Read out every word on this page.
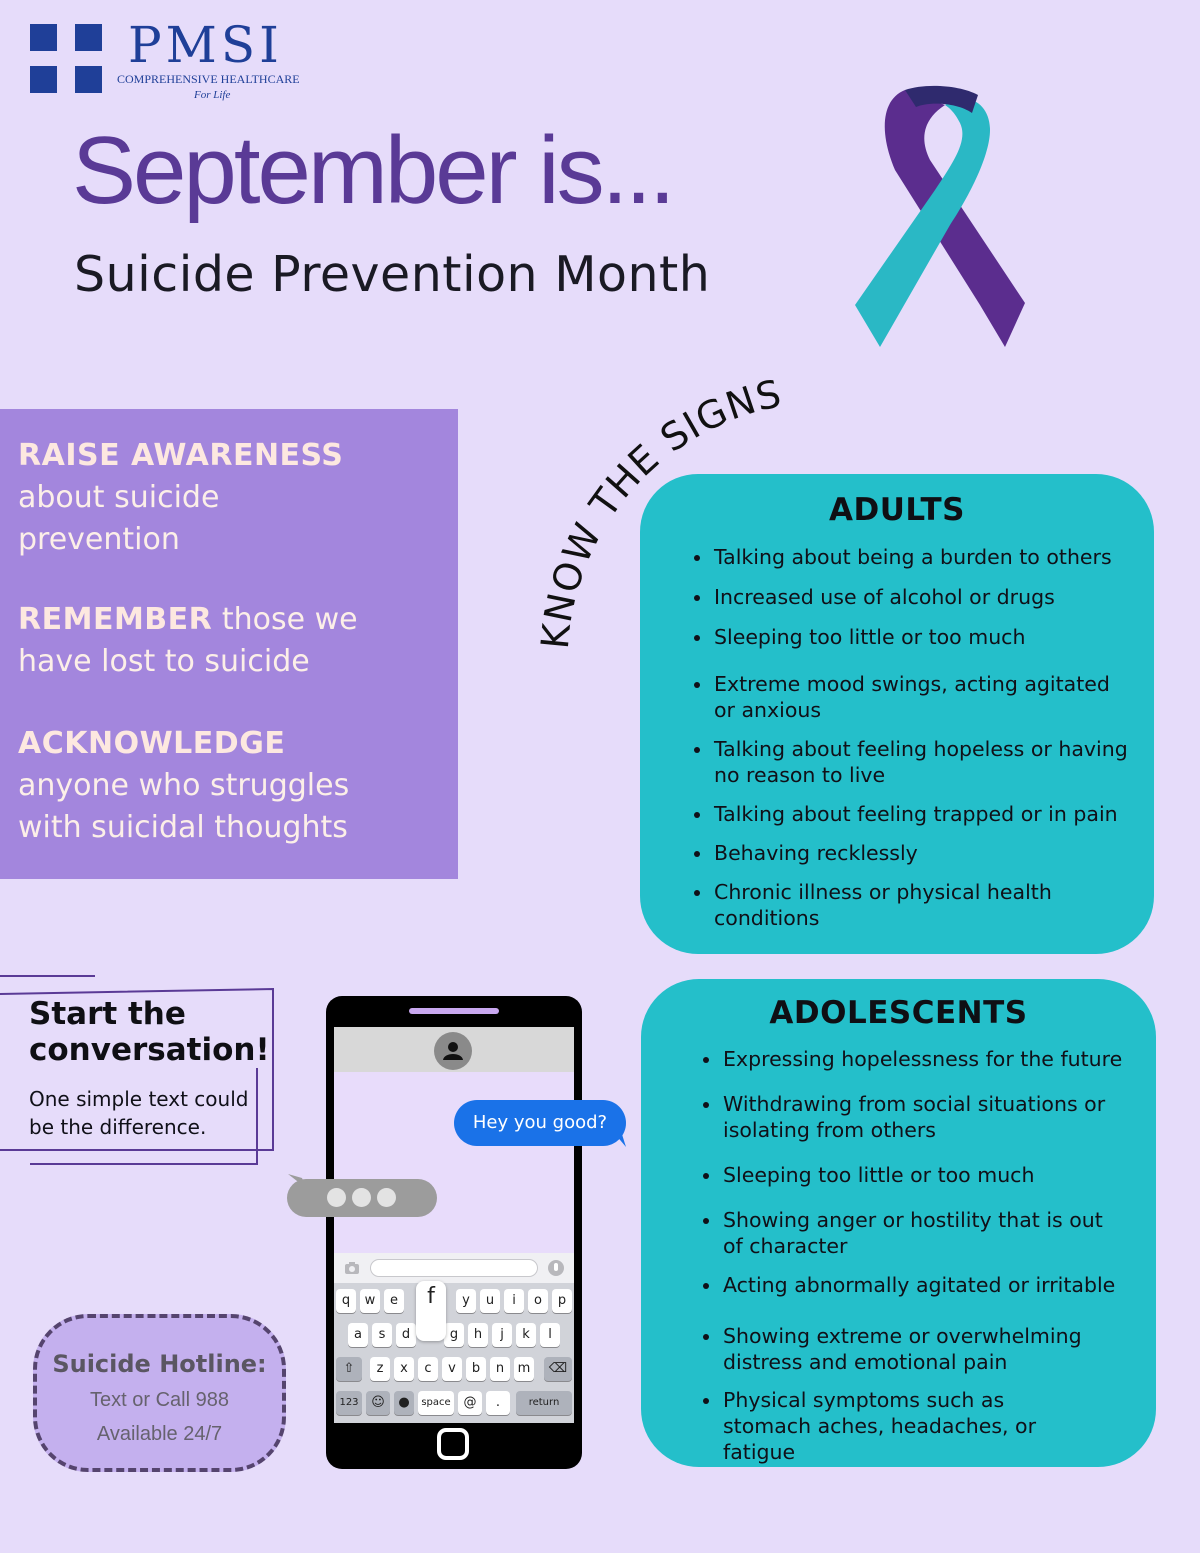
PMSI
COMPREHENSIVE HEALTHCARE
For Life
September is...
Suicide Prevention Month
RAISE AWARENESS
about suicide prevention
REMEMBER those we have lost to suicide
ACKNOWLEDGE
anyone who struggles with suicidal thoughts
KNOW THE SIGNS
ADULTS
Talking about being a burden to others
Increased use of alcohol or drugs
Sleeping too little or too much
Extreme mood swings, acting agitated or anxious
Talking about feeling hopeless or having no reason to live
Talking about feeling trapped or in pain
Behaving recklessly
Chronic illness or physical health conditions
ADOLESCENTS
Expressing hopelessness for the future
Withdrawing from social situations or isolating from others
Sleeping too little or too much
Showing anger or hostility that is out of character
Acting abnormally agitated or irritable
Showing extreme or overwhelming distress and emotional pain
Physical symptoms such as stomach aches, headaches, or fatigue
Start the conversation!
One simple text could be the difference.
Suicide Hotline:
Text or Call 988
Available 24/7
Hey you good?
q	w	e	y	u	i	o	p
a	s	d	g	h	j	k	l
f
⇧	z	x	c	v	b	n	m	⌫
123 ☺	●	space @	.	return
